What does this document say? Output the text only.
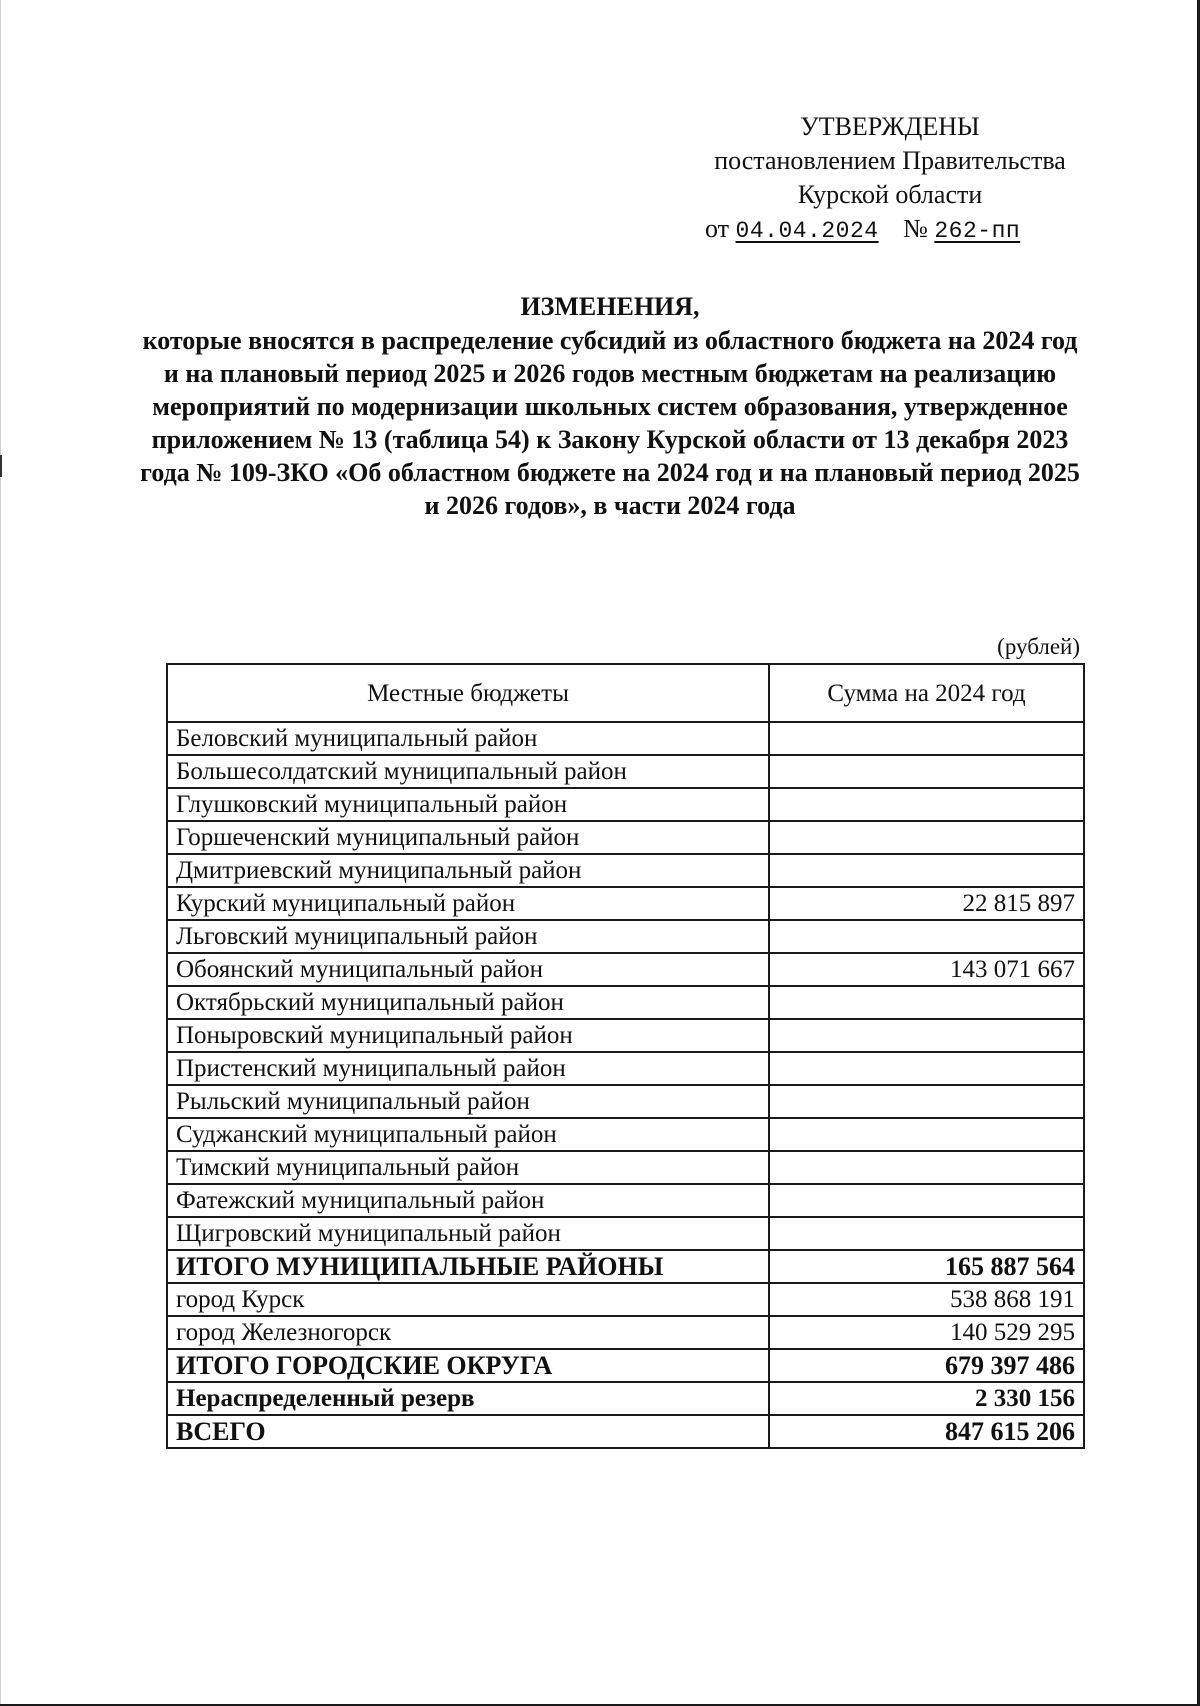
УТВЕРЖДЕНЫ
постановлением Правительства
Курской области
от 04.04.2024 № 262-пп
ИЗМЕНЕНИЯ,
которые вносятся в распределение субсидий из областного бюджета на 2024 год и на плановый период 2025 и 2026 годов местным бюджетам на реализацию мероприятий по модернизации школьных систем образования, утвержденное приложением № 13 (таблица 54) к Закону Курской области от 13 декабря 2023 года № 109-ЗКО «Об областном бюджете на 2024 год и на плановый период 2025 и 2026 годов», в части 2024 года
(рублей)
Местные бюджеты	Сумма на 2024 год
Беловский муниципальный район	
Большесолдатский муниципальный район	
Глушковский муниципальный район	
Горшеченский муниципальный район	
Дмитриевский муниципальный район	
Курский муниципальный район	22 815 897
Льговский муниципальный район	
Обоянский муниципальный район	143 071 667
Октябрьский муниципальный район	
Поныровский муниципальный район	
Пристенский муниципальный район	
Рыльский муниципальный район	
Суджанский муниципальный район	
Тимский муниципальный район	
Фатежский муниципальный район	
Щигровский муниципальный район	
ИТОГО МУНИЦИПАЛЬНЫЕ РАЙОНЫ	165 887 564
город Курск	538 868 191
город Железногорск	140 529 295
ИТОГО ГОРОДСКИЕ ОКРУГА	679 397 486
Нераспределенный резерв	2 330 156
ВСЕГО	847 615 206
